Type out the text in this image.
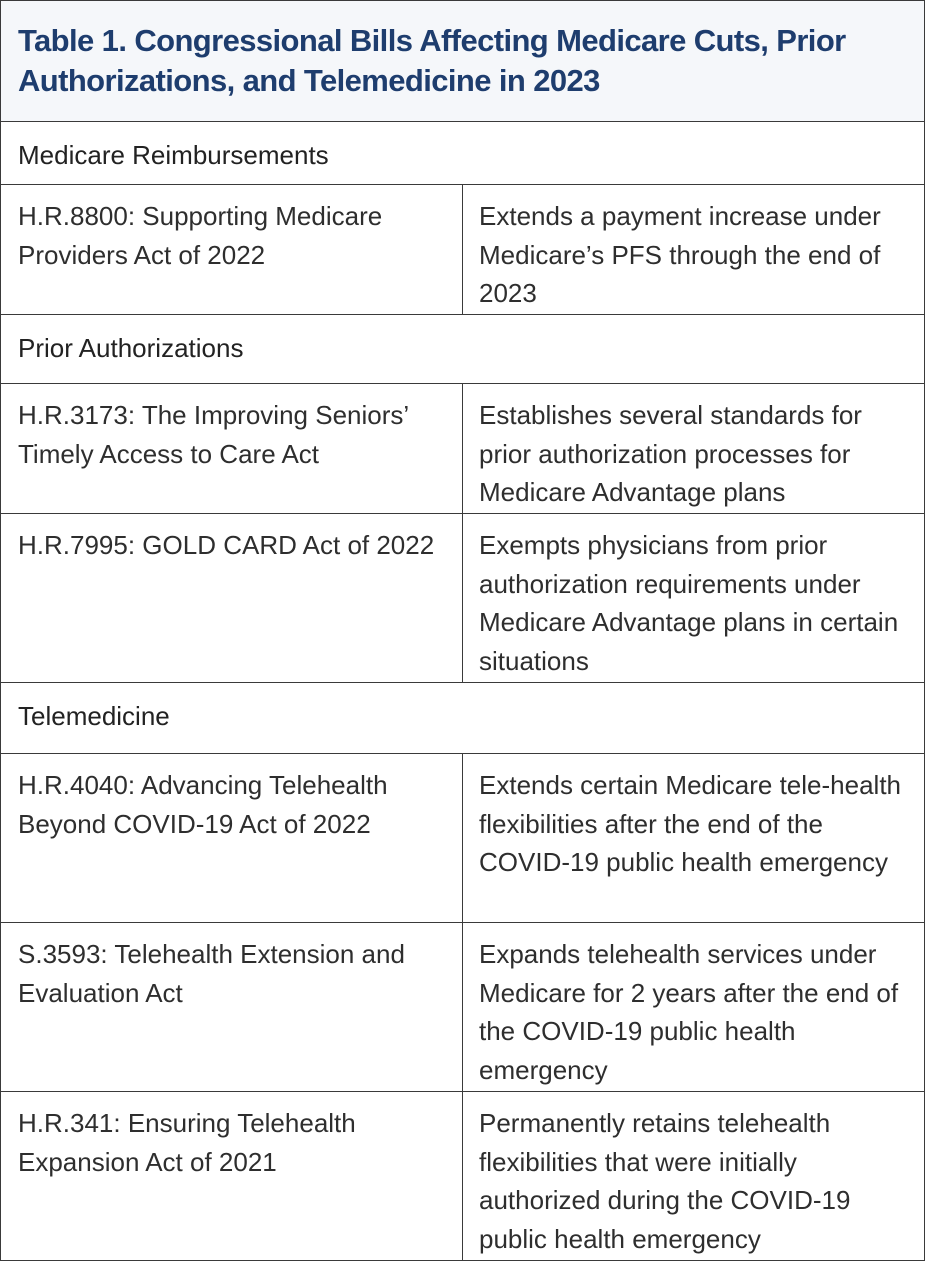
Table 1. Congressional Bills Affecting Medicare Cuts, Prior Authorizations, and Telemedicine in 2023	

Medicare Reimbursements	

H.R.8800: Supporting Medicare Providers Act of 2022	Extends a payment increase under Medicare’s PFS through the end of 2023

Prior Authorizations	

H.R.3173: The Improving Seniors’ Timely Access to Care Act	Establishes several standards for prior authorization processes for Medicare Advantage plans

H.R.7995: GOLD CARD Act of 2022	Exempts physicians from prior authorization requirements under Medicare Advantage plans in certain situations

Telemedicine	

H.R.4040: Advancing Telehealth Beyond COVID-19 Act of 2022	Extends certain Medicare tele-health flexibilities after the end of the COVID-19 public health emergency

S.3593: Telehealth Extension and Evaluation Act	Expands telehealth services under Medicare for 2 years after the end of the COVID-19 public health emergency

H.R.341: Ensuring Telehealth Expansion Act of 2021	Permanently retains telehealth flexibilities that were initially authorized during the COVID-19 public health emergency
